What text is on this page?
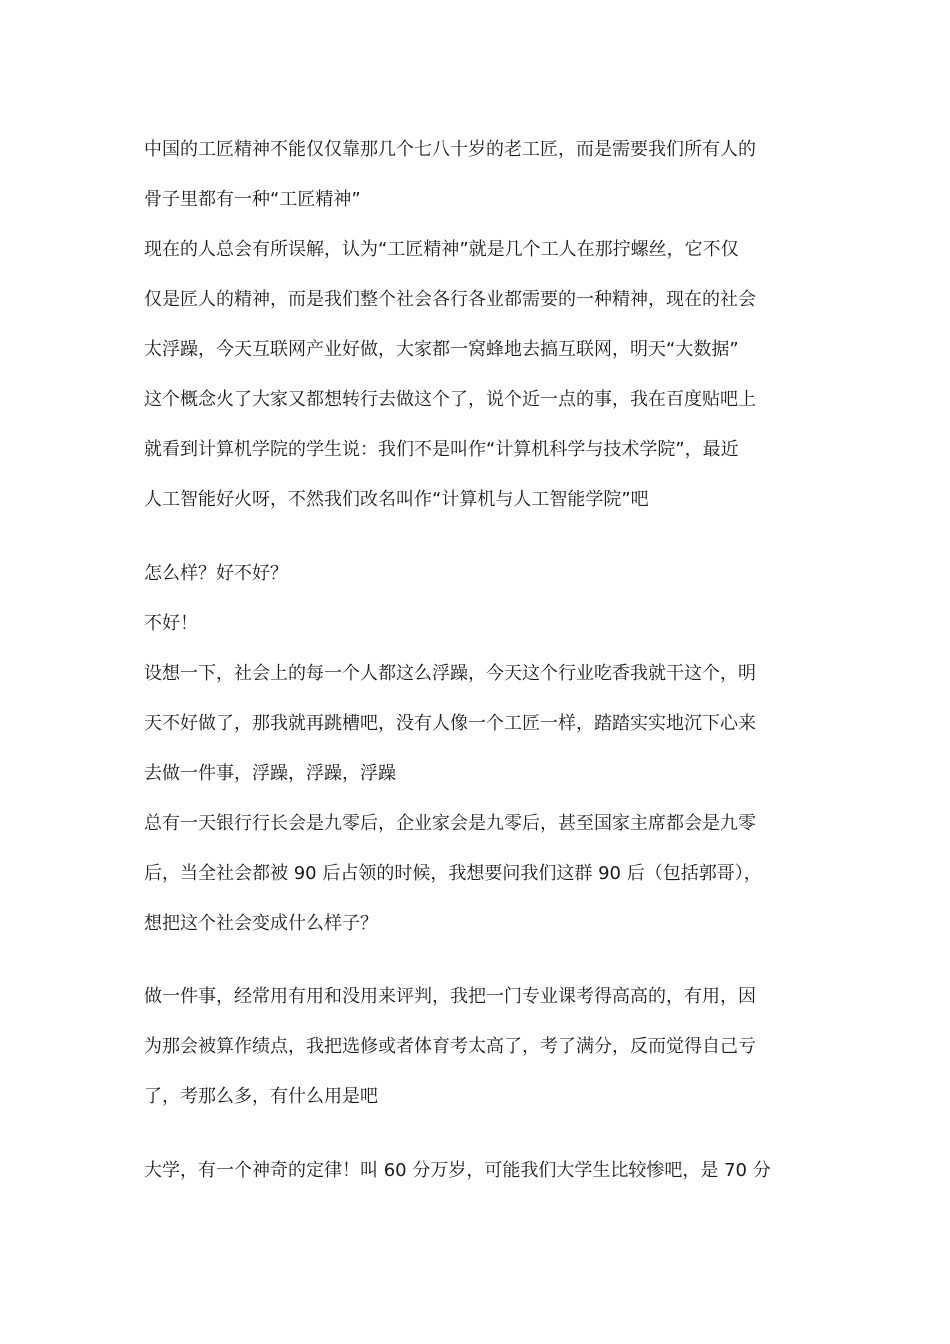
中国的工匠精神不能仅仅靠那几个七八十岁的老工匠，而是需要我们所有人的
骨子里都有一种“工匠精神”
现在的人总会有所误解，认为“工匠精神”就是几个工人在那拧螺丝，它不仅
仅是匠人的精神，而是我们整个社会各行各业都需要的一种精神，现在的社会
太浮躁，今天互联网产业好做，大家都一窝蜂地去搞互联网，明天“大数据”
这个概念火了大家又都想转行去做这个了，说个近一点的事，我在百度贴吧上
就看到计算机学院的学生说：我们不是叫作“计算机科学与技术学院”，最近
人工智能好火呀，不然我们改名叫作“计算机与人工智能学院”吧
怎么样？好不好？
不好！
设想一下，社会上的每一个人都这么浮躁，今天这个行业吃香我就干这个，明
天不好做了，那我就再跳槽吧，没有人像一个工匠一样，踏踏实实地沉下心来
去做一件事，浮躁，浮躁，浮躁
总有一天银行行长会是九零后，企业家会是九零后，甚至国家主席都会是九零
后，当全社会都被 90 后占领的时候，我想要问我们这群 90 后（包括郭哥），
想把这个社会变成什么样子？
做一件事，经常用有用和没用来评判，我把一门专业课考得高高的，有用，因
为那会被算作绩点，我把选修或者体育考太高了，考了满分，反而觉得自己亏
了，考那么多，有什么用是吧
大学，有一个神奇的定律！叫 60 分万岁，可能我们大学生比较惨吧，是 70 分
